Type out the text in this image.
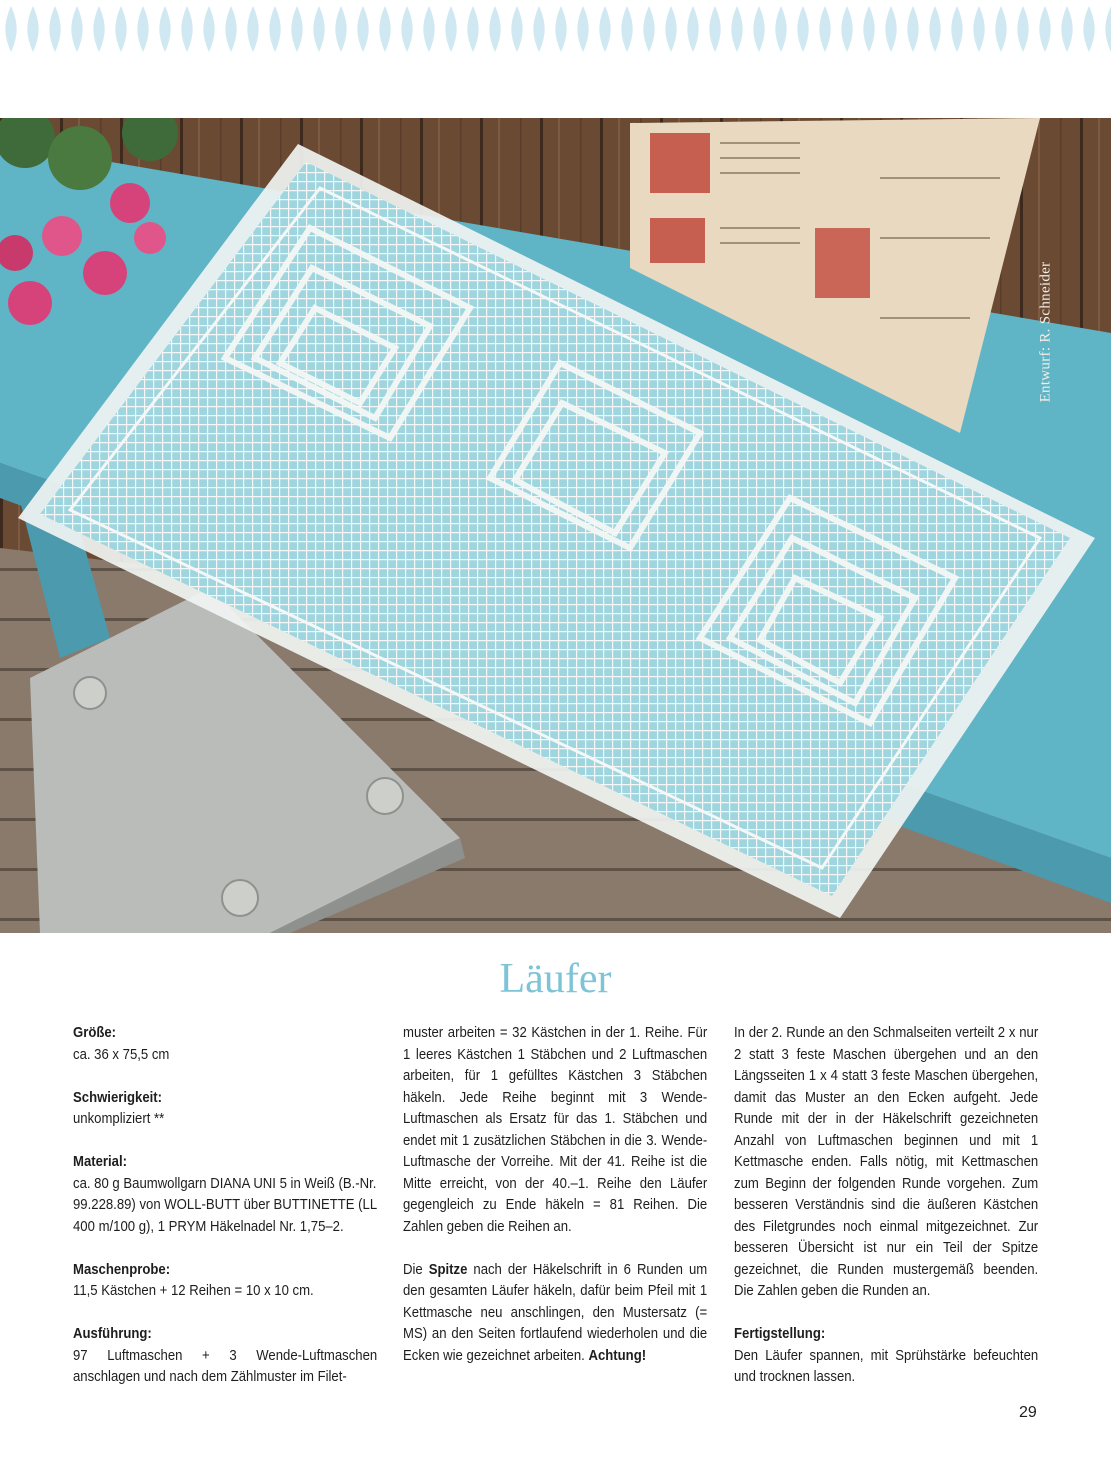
Entwurf: R. Schneider
Läufer
Größe:
ca. 36 x 75,5 cm
Schwierigkeit:
unkompliziert **
Material:
ca. 80 g Baumwollgarn DIANA UNI 5 in Weiß (B.-Nr. 99.228.89) von WOLL-BUTT über BUTTINETTE (LL 400 m/100 g), 1 PRYM Häkelnadel Nr. 1,75–2.
Maschenprobe:
11,5 Kästchen + 12 Reihen = 10 x 10 cm.
Ausführung:
97 Luftmaschen + 3 Wende-Luftmaschen anschlagen und nach dem Zählmuster im Filet-

muster arbeiten = 32 Kästchen in der 1. Reihe. Für 1 leeres Kästchen 1 Stäbchen und 2 Luftmaschen arbeiten, für 1 gefülltes Kästchen 3 Stäbchen häkeln. Jede Reihe beginnt mit 3 Wende-Luftmaschen als Ersatz für das 1. Stäbchen und endet mit 1 zusätzlichen Stäbchen in die 3. Wende-Luftmasche der Vorreihe. Mit der 41. Reihe ist die Mitte erreicht, von der 40.–1. Reihe den Läufer gegengleich zu Ende häkeln = 81 Reihen. Die Zahlen geben die Reihen an.

Die Spitze nach der Häkelschrift in 6 Runden um den gesamten Läufer häkeln, dafür beim Pfeil mit 1 Kettmasche neu anschlingen, den Mustersatz (= MS) an den Seiten fortlaufend wiederholen und die Ecken wie gezeichnet arbeiten. Achtung!

In der 2. Runde an den Schmalseiten verteilt 2 x nur 2 statt 3 feste Maschen übergehen und an den Längsseiten 1 x 4 statt 3 feste Maschen übergehen, damit das Muster an den Ecken aufgeht. Jede Runde mit der in der Häkelschrift gezeichneten Anzahl von Luftmaschen beginnen und mit 1 Kettmasche enden. Falls nötig, mit Kettmaschen zum Beginn der folgenden Runde vorgehen. Zum besseren Verständnis sind die äußeren Kästchen des Filetgrundes noch einmal mitgezeichnet. Zur besseren Übersicht ist nur ein Teil der Spitze gezeichnet, die Runden mustergemäß beenden. Die Zahlen geben die Runden an.

Fertigstellung:
Den Läufer spannen, mit Sprühstärke befeuchten und trocknen lassen.
29
